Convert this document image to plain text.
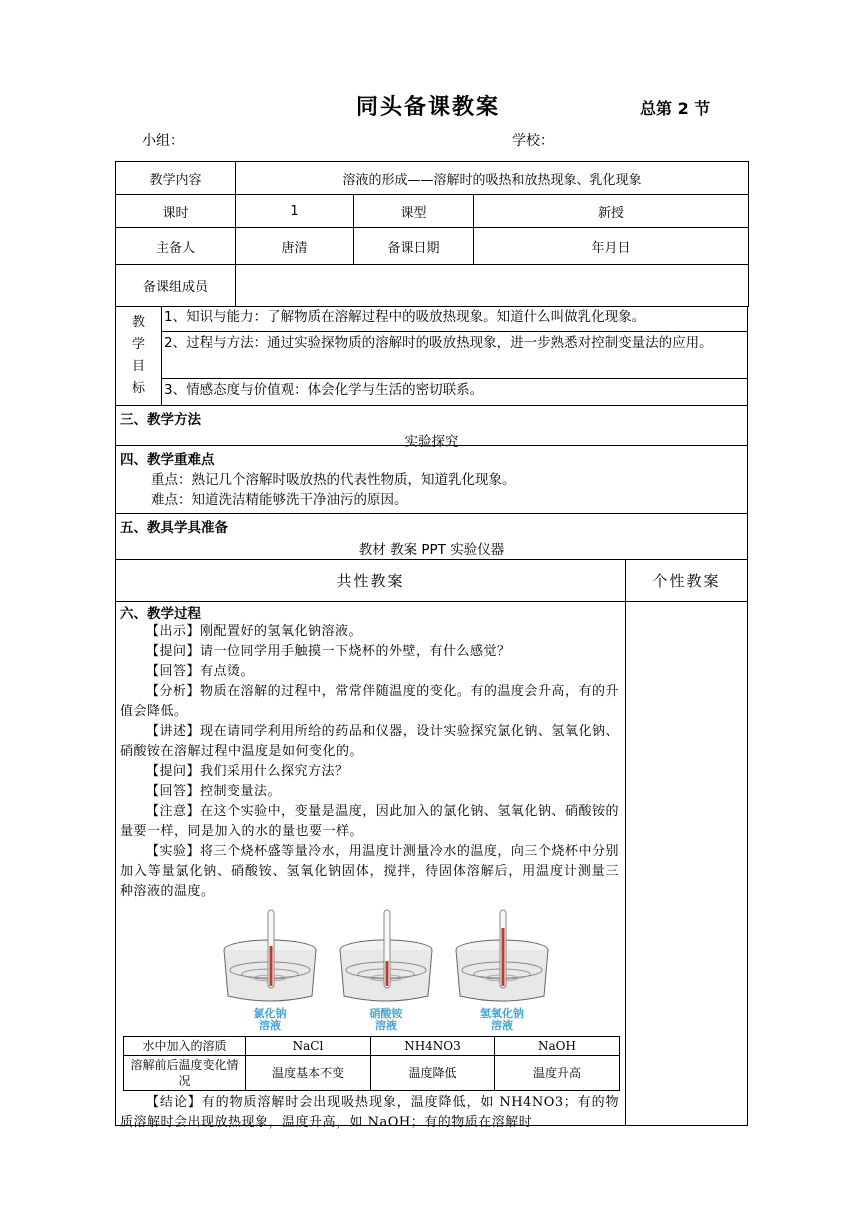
同头备课教案	总第 2 节
小组：	学校：
教学内容	溶液的形成——溶解时的吸热和放热现象、乳化现象		
课时	1	课型	新授
主备人	唐清	备课日期	年月日
备课组成员			
教
学
目
标
1、知识与能力：了解物质在溶解过程中的吸放热现象。知道什么叫做乳化现象。
2、过程与方法：通过实验探物质的溶解时的吸放热现象，进一步熟悉对控制变量法的应用。
3、情感态度与价值观：体会化学与生活的密切联系。
三、教学方法
实验探究
四、教学重难点
重点：熟记几个溶解时吸放热的代表性物质，知道乳化现象。
难点：知道洗洁精能够洗干净油污的原因。
五、教具学具准备
教材 教案 PPT 实验仪器
共性教案	个性教案
六、教学过程
【出示】刚配置好的氢氧化钠溶液。
【提问】请一位同学用手触摸一下烧杯的外壁，有什么感觉？
【回答】有点烫。
【分析】物质在溶解的过程中，常常伴随温度的变化。有的温度会升高，有的升值会降低。
【讲述】现在请同学利用所给的药品和仪器，设计实验探究氯化钠、氢氧化钠、硝酸铵在溶解过程中温度是如何变化的。
【提问】我们采用什么探究方法？
【回答】控制变量法。
【注意】在这个实验中，变量是温度，因此加入的氯化钠、氢氧化钠、硝酸铵的量要一样，同是加入的水的量也要一样。
【实验】将三个烧杯盛等量冷水，用温度计测量冷水的温度，向三个烧杯中分别加入等量氯化钠、硝酸铵、氢氧化钠固体，搅拌，待固体溶解后，用温度计测量三种溶液的温度。
氯化钠
溶液
硝酸铵
溶液
氢氧化钠
溶液
水中加入的溶质	NaCl	NH4NO3	NaOH
溶解前后温度变化情况	温度基本不变	温度降低	温度升高
【结论】有的物质溶解时会出现吸热现象，温度降低，如 NH4NO3；有的物质溶解时会出现放热现象，温度升高，如 NaOH；有的物质在溶解时
